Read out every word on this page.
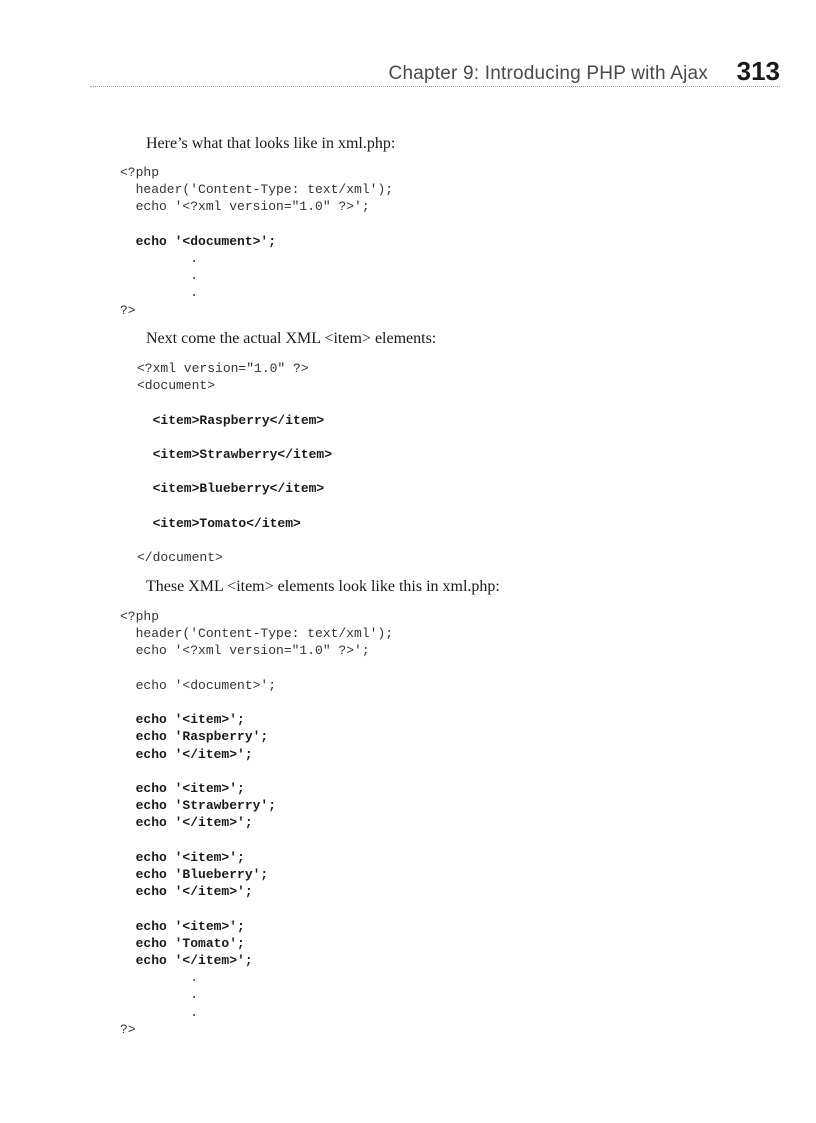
Chapter 9: Introducing PHP with Ajax 313

Here’s what that looks like in xml.php:

<?php
header('Content-Type: text/xml');
echo '<?xml version="1.0" ?>';

echo '<document>';
.
.
.
?>

Next come the actual XML <item> elements:

<?xml version="1.0" ?>
<document>

<item>Raspberry</item>

<item>Strawberry</item>

<item>Blueberry</item>

<item>Tomato</item>

</document>

These XML <item> elements look like this in xml.php:

<?php
header('Content-Type: text/xml');
echo '<?xml version="1.0" ?>';

echo '<document>';

echo '<item>';
echo 'Raspberry';
echo '</item>';

echo '<item>';
echo 'Strawberry';
echo '</item>';

echo '<item>';
echo 'Blueberry';
echo '</item>';

echo '<item>';
echo 'Tomato';
echo '</item>';
.
.
.
?>
